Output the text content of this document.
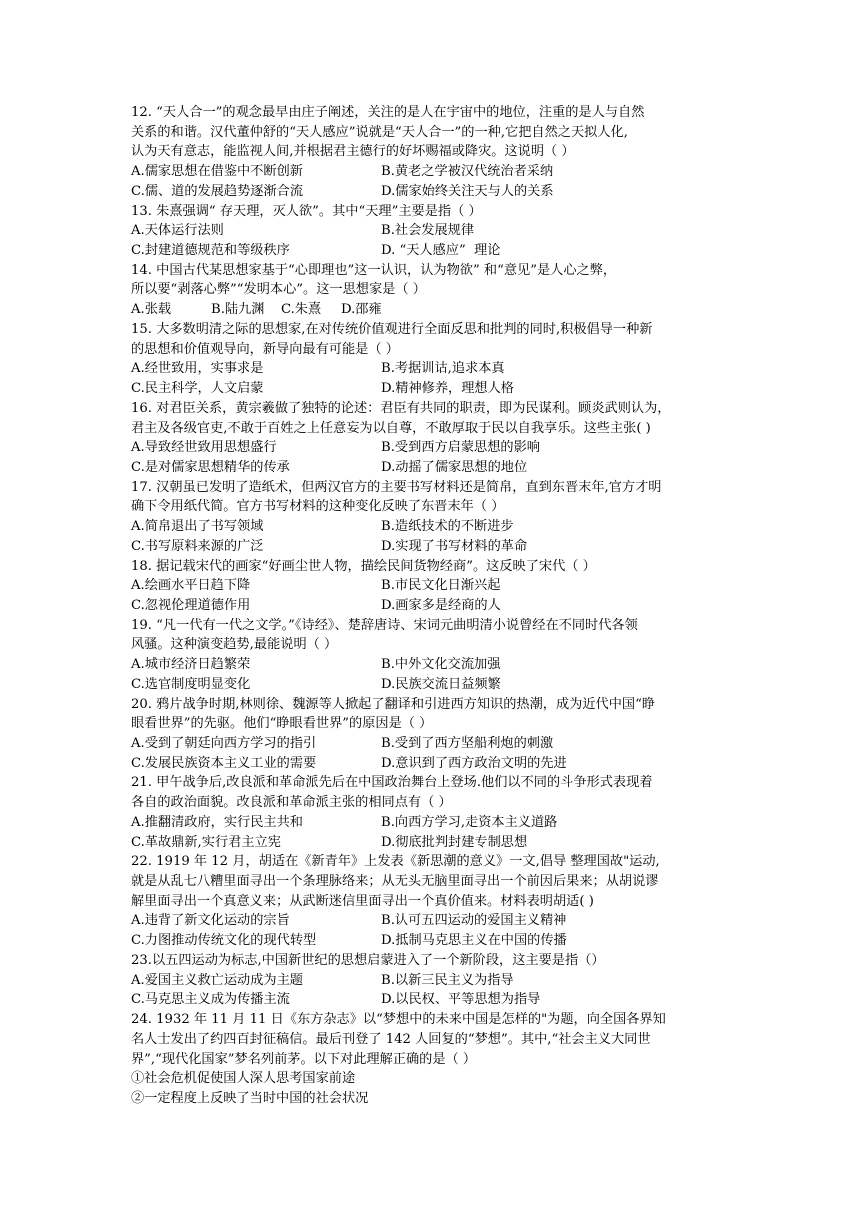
12. “天人合一”的观念最早由庄子阐述，关注的是人在宇宙中的地位，注重的是人与自然
关系的和谐。汉代董仲舒的“天人感应”说就是“天人合一”的一种,它把自然之天拟人化,
认为天有意志，能监视人间,并根据君主德行的好坏赐福或降灾。这说明（ ）
A.儒家思想在借鉴中不断创新	B.黄老之学被汉代统治者采纳
C.儒、道的发展趋势逐渐合流	D.儒家始终关注天与人的关系
13. 朱熹强调“ 存天理，灭人欲”。其中“天理”主要是指（ ）
A.天体运行法则	B.社会发展规律
C.封建道德规范和等级秩序	D. “天人感应”  理论
14. 中国古代某思想家基于“心即理也”这一认识，认为物欲” 和“意见”是人心之弊，
所以要“剥落心弊”“发明本心”。这一思想家是（ ）
A.张载	B.陆九渊 C.朱熹 D.邵雍
15. 大多数明清之际的思想家,在对传统价值观进行全面反思和批判的同时,积极倡导一种新
的思想和价值观导向，新导向最有可能是（ ）
A.经世致用，实事求是	B.考据训诂,追求本真
C.民主科学，人文启蒙	D.精神修养，理想人格
16. 对君臣关系，黄宗羲做了独特的论述：君臣有共同的职责，即为民谋利。顾炎武则认为，
君主及各级官吏,不敢于百姓之上任意妄为以自尊，不敢厚取于民以自我享乐。这些主张( )
A.导致经世致用思想盛行	B.受到西方启蒙思想的影响
C.是对儒家思想精华的传承	D.动摇了儒家思想的地位
17. 汉朝虽已发明了造纸术，但两汉官方的主要书写材料还是简帛，直到东晋末年,官方才明
确下令用纸代简。官方书写材料的这种变化反映了东晋末年（ ）
A.简帛退出了书写领域	B.造纸技术的不断进步
C.书写原料来源的广泛	D.实现了书写材料的革命
18. 据记载宋代的画家“好画尘世人物，描绘民间货物经商”。这反映了宋代（ ）
A.绘画水平日趋下降	B.市民文化日渐兴起
C.忽视伦理道德作用	D.画家多是经商的人
19. “凡一代有一代之文学。”《诗经》、楚辞唐诗、宋词元曲明清小说曾经在不同时代各领
风骚。这种演变趋势,最能说明（ ）
A.城市经济日趋繁荣	B.中外文化交流加强
C.选官制度明显变化	D.民族交流日益频繁
20. 鸦片战争时期,林则徐、魏源等人掀起了翻译和引进西方知识的热潮，成为近代中国“睁
眼看世界”的先驱。他们“睁眼看世界”的原因是（ ）
A.受到了朝廷向西方学习的指引	B.受到了西方坚船利炮的刺激
C.发展民族资本主义工业的需要	D.意识到了西方政治文明的先进
21. 甲午战争后,改良派和革命派先后在中国政治舞台上登场.他们以不同的斗争形式表现着
各自的政治面貌。改良派和革命派主张的相同点有（ ）
A.推翻清政府，实行民主共和	B.向西方学习,走资本主义道路
C.革故鼎新,实行君主立宪	D.彻底批判封建专制思想
22. 1919 年 12 月，胡适在《新青年》上发表《新思潮的意义》一文,倡导 整理国故"运动,
就是从乱七八糟里面寻出一个条理脉络来；从无头无脑里面寻出一个前因后果来；从胡说谬
解里面寻出一个真意义来；从武断迷信里面寻出一个真价值来。材料表明胡适( )
A.违背了新文化运动的宗旨	B.认可五四运动的爱国主义精神
C.力图推动传统文化的现代转型	D.抵制马克思主义在中国的传播
23.以五四运动为标志,中国新世纪的思想启蒙进入了一个新阶段，这主要是指（）
A.爱国主义救亡运动成为主题	B.以新三民主义为指导
C.马克思主义成为传播主流	D.以民权、平等思想为指导
24. 1932 年 11 月 11 日《东方杂志》以“梦想中的未来中国是怎样的"为题，向全国各界知
名人士发出了约四百封征稿信。最后刊登了 142 人回复的“梦想”。其中,“社会主义大同世
界”,“现代化国家”梦名列前茅。以下对此理解正确的是（ ）
①社会危机促使国人深人思考国家前途
②一定程度上反映了当时中国的社会状况
